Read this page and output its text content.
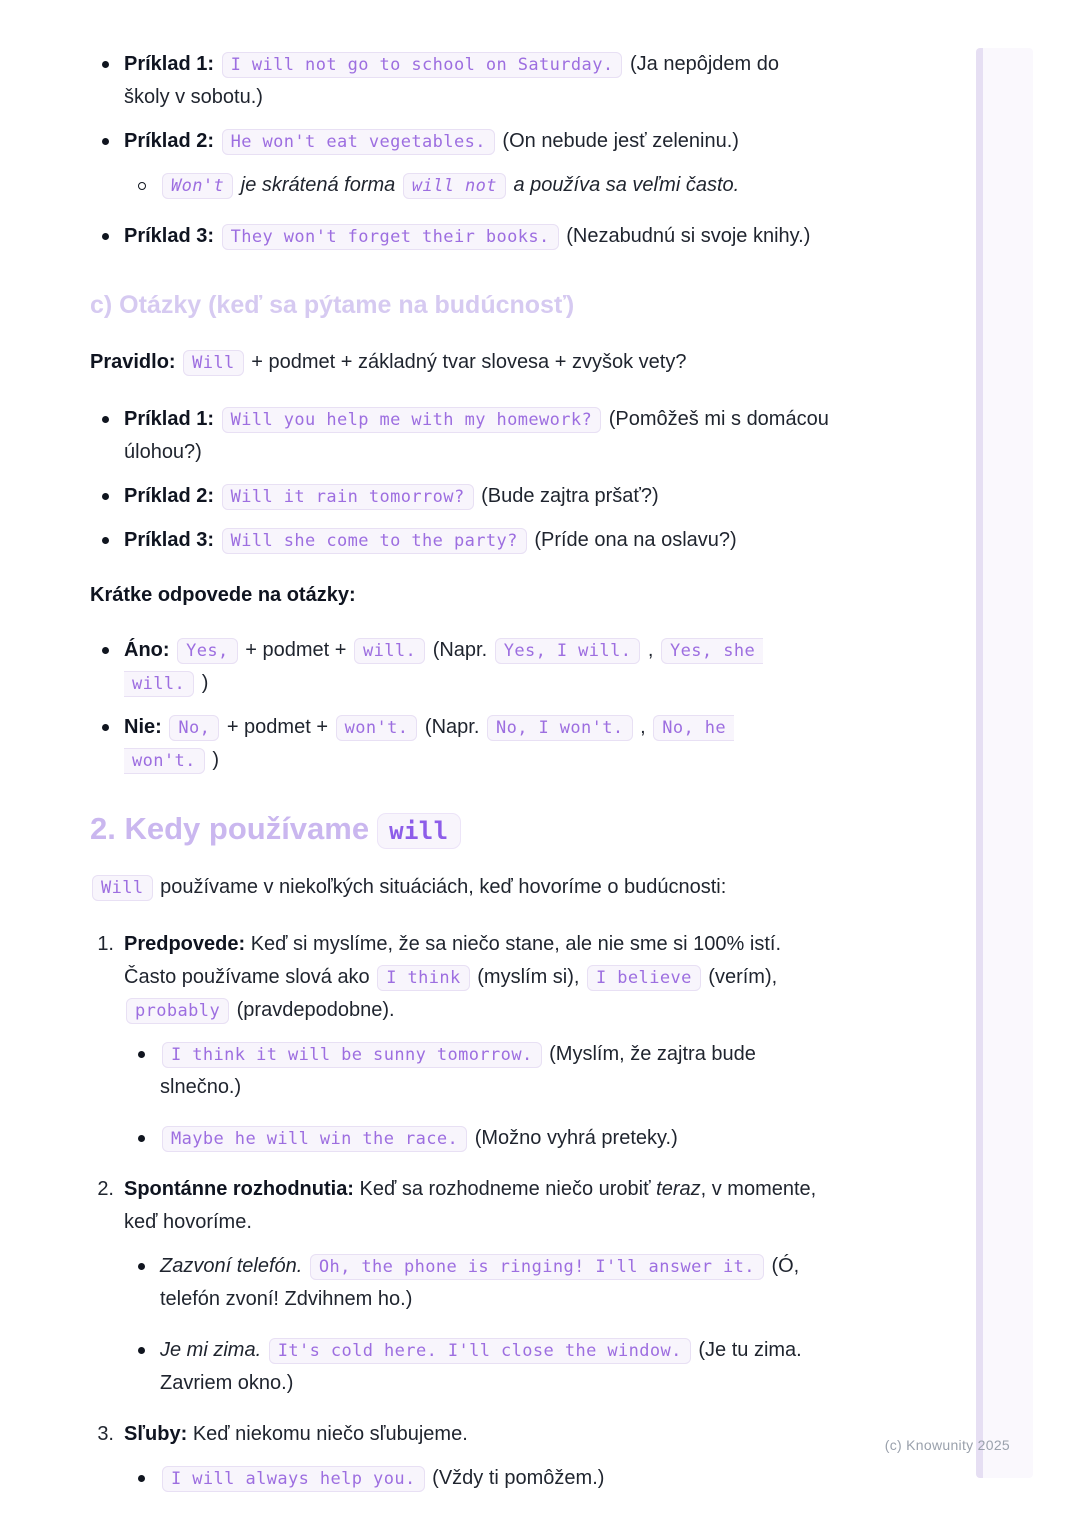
Príklad 1: I will not go to school on Saturday. (Ja nepôjdem do školy v sobotu.)
Príklad 2: He won't eat vegetables. (On nebude jesť zeleninu.)
Won't je skrátená forma will not a používa sa veľmi často.
Príklad 3: They won't forget their books. (Nezabudnú si svoje knihy.)
c) Otázky (keď sa pýtame na budúcnosť)
Pravidlo: Will + podmet + základný tvar slovesa + zvyšok vety?
Príklad 1: Will you help me with my homework? (Pomôžeš mi s domácou úlohou?)
Príklad 2: Will it rain tomorrow? (Bude zajtra pršať?)
Príklad 3: Will she come to the party? (Príde ona na oslavu?)
Krátke odpovede na otázky:
Áno: Yes, + podmet + will. (Napr. Yes, I will. , Yes, she
will. )
Nie: No, + podmet + won't. (Napr. No, I won't. , No, he
won't. )
2. Kedy používame will
Will používame v niekoľkých situáciách, keď hovoríme o budúcnosti:
1. Predpovede: Keď si myslíme, že sa niečo stane, ale nie sme si 100% istí. Často používame slová ako I think (myslím si), I believe (verím), probably (pravdepodobne).
I think it will be sunny tomorrow. (Myslím, že zajtra bude slnečno.)
Maybe he will win the race. (Možno vyhrá preteky.)
2. Spontánne rozhodnutia: Keď sa rozhodneme niečo urobiť teraz, v momente, keď hovoríme.
Zazvoní telefón. Oh, the phone is ringing! I'll answer it. (Ó, telefón zvoní! Zdvihnem ho.)
Je mi zima. It's cold here. I'll close the window. (Je tu zima. Zavriem okno.)
3. Sľuby: Keď niekomu niečo sľubujeme.
I will always help you. (Vždy ti pomôžem.)
(c) Knowunity 2025
